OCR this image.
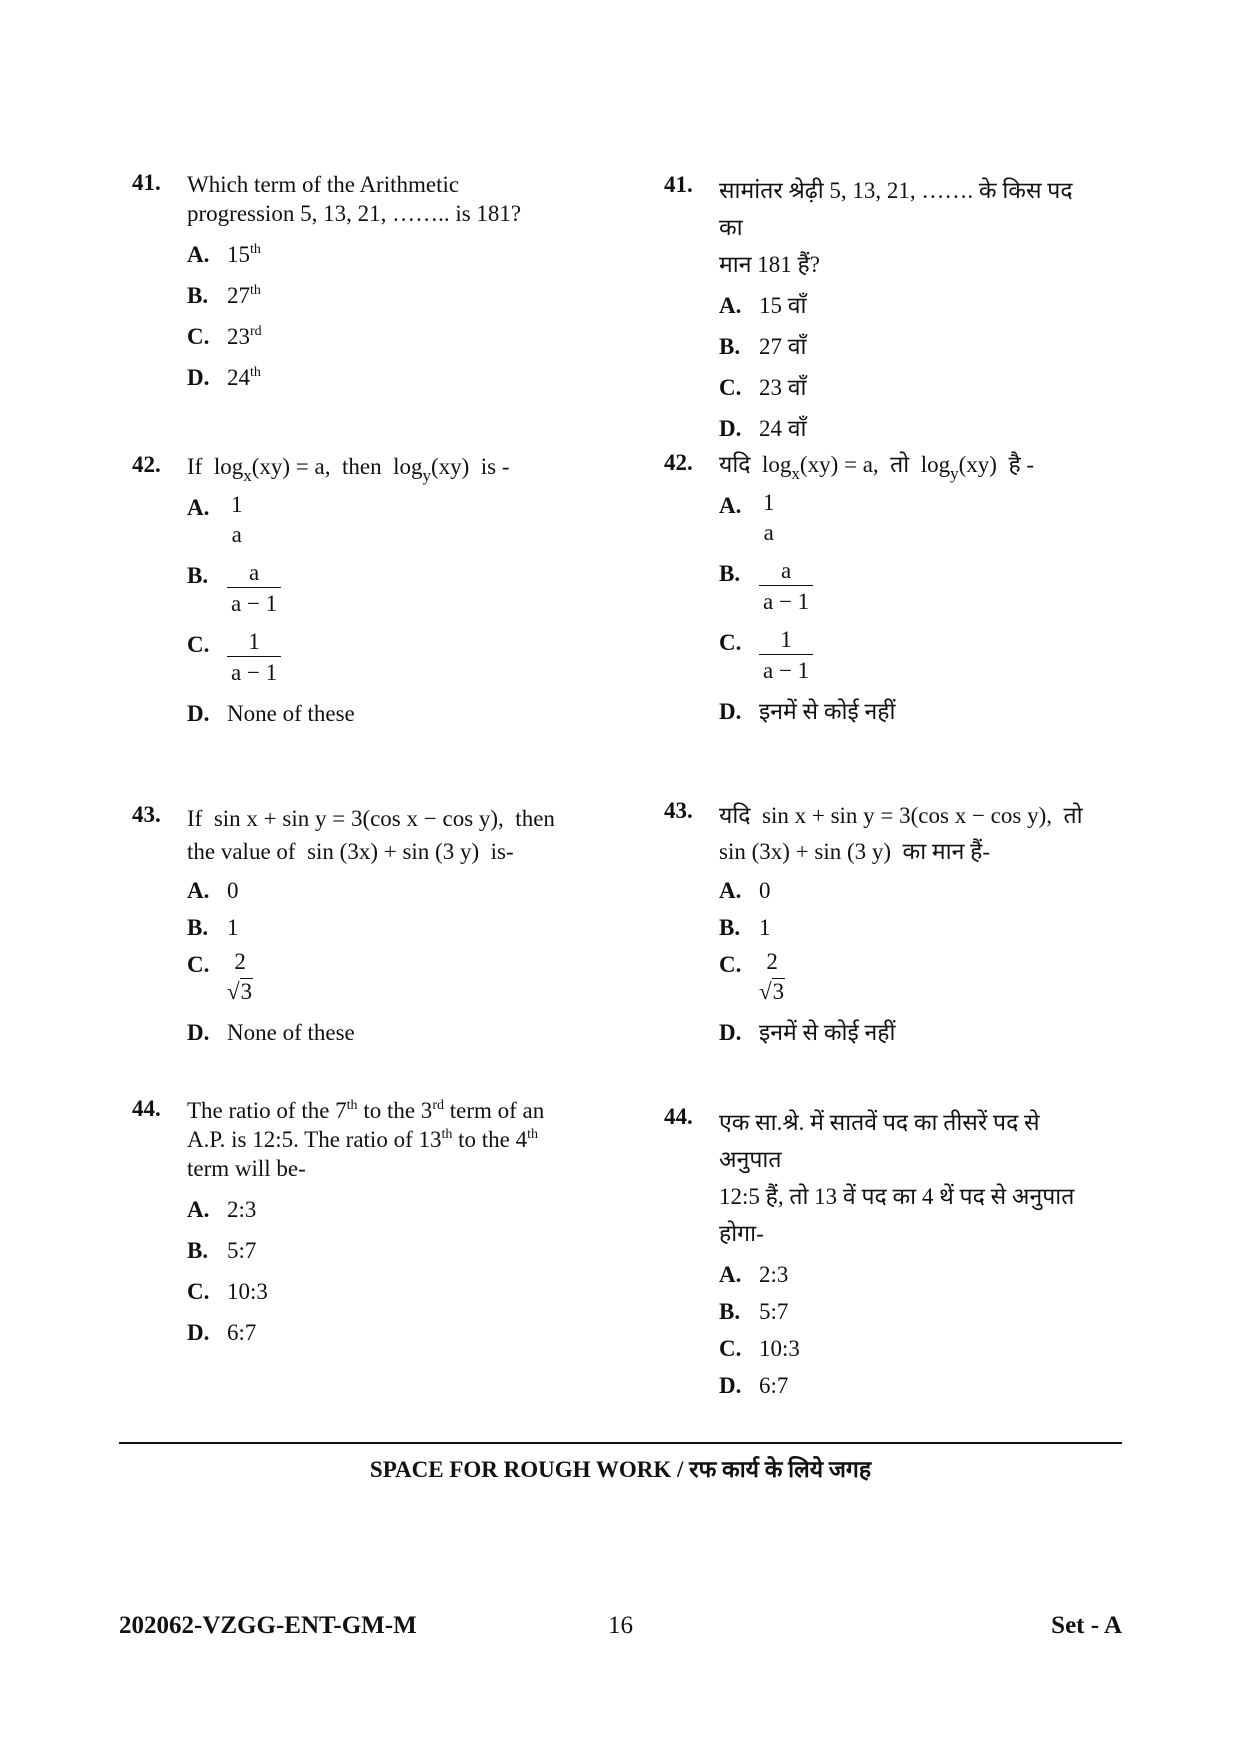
41. Which term of the Arithmetic
progression 5, 13, 21, …….. is 181?
A. 15th
B. 27th
C. 23rd
D. 24th
42. If $\log_x(xy) = a$, then $\log_y(xy)$ is -
A. 1
a
B. $\frac{a}{a - 1}$
C. $\frac{1}{a - 1}$
D. None of these
43. If  sin x + sin y = 3(cos x − cos y),  then
the value of  sin (3x) + sin (3 y)  is-
A. 0
B. 1
C.	2
√3
D. None of these
44. The ratio of the 7th to the 3rd term of an
A.P. is 12:5. The ratio of 13th to the 4th
term will be-
A. 2:3
B. 5:7
C. 10:3
D. 6:7
41. सामांतर श्रेढ़ी 5, 13, 21, ……. के किस पद का
मान 181 हैं?
A. 15 वाँ
B. 27 वाँ
C. 23 वाँ
D. 24 वाँ
42. यदि $\log_x(xy) = a$, तो $\log_y(xy)$ है -
A. 1
a
B. $\frac{a}{a - 1}$
C. $\frac{1}{a - 1}$
D. इनमें से कोई नहीं
43. यदि  sin x + sin y = 3(cos x − cos y),  तो
sin (3x) + sin (3 y)  का मान हैं-
A. 0
B. 1
C.	2
√3
D. इनमें से कोई नहीं
44. एक सा.श्रे. में सातवें पद का तीसरें पद से अनुपात
12:5 हैं, तो 13 वें पद का 4 थें पद से अनुपात
होगा-
A. 2:3
B. 5:7
C. 10:3
D. 6:7
SPACE FOR ROUGH WORK / रफ कार्य के लिये जगह
202062-VZGG-ENT-GM-M	16	Set - A
